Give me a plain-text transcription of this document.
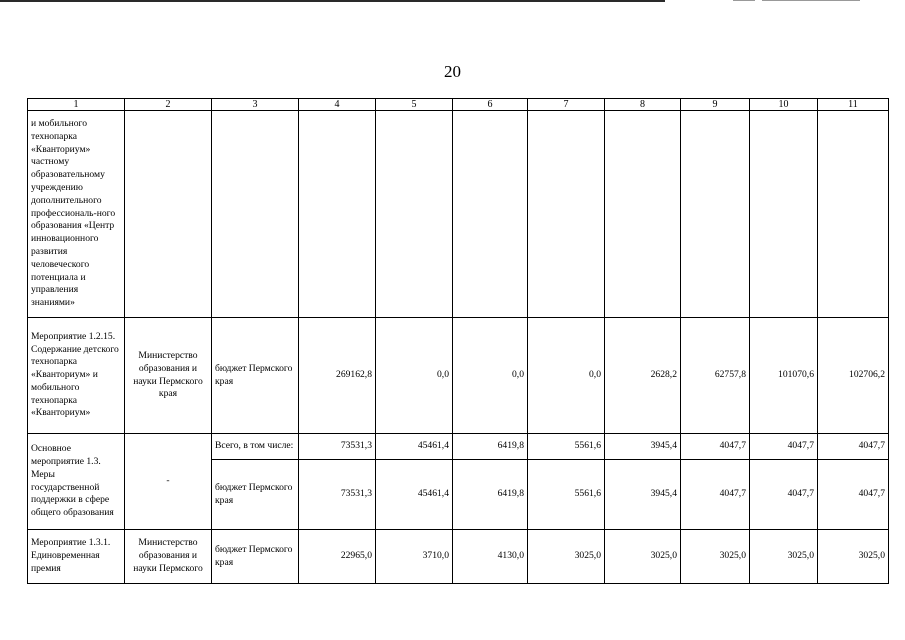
20
1	2	3	4	5	6	7	8	9	10	11
и мобильного технопарка «Кванториум» частному образовательному учреждению дополнительного профессиональ-ного образования «Центр инновационного развития человеческого потенциала и управления знаниями»										
Мероприятие 1.2.15. Содержание детского технопарка «Кванториум» и мобильного технопарка «Кванториум»	Министерство образования и науки Пермского края	бюджет Пермского края	269162,8	0,0	0,0	0,0	2628,2	62757,8	101070,6	102706,2
Основное мероприятие 1.3. Меры государственной поддержки в сфере общего образования	-	Всего, в том числе:	73531,3	45461,4	6419,8	5561,6	3945,4	4047,7	4047,7	4047,7
		бюджет Пермского края	73531,3	45461,4	6419,8	5561,6	3945,4	4047,7	4047,7	4047,7
Мероприятие 1.3.1. Единовременная премия	Министерство образования и науки Пермского	бюджет Пермского края	22965,0	3710,0	4130,0	3025,0	3025,0	3025,0	3025,0	3025,0
